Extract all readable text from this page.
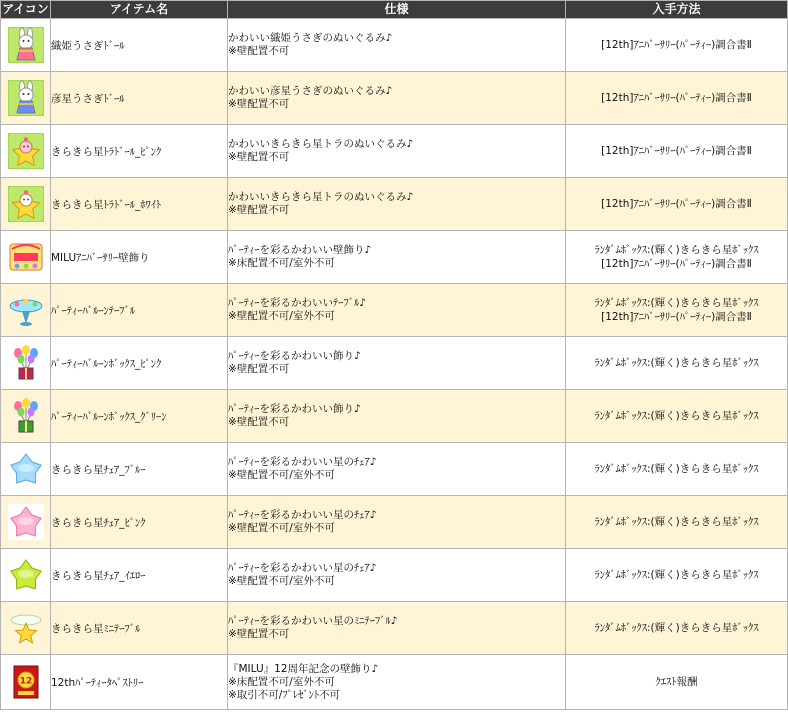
アイコン	アイテム名	仕様	入手方法
	織姫うさぎﾄﾞｰﾙ	かわいい織姫うさぎのぬいぐるみ♪
※壁配置不可	[12th]ｱﾆﾊﾞｰｻﾘｰ(ﾊﾟｰﾃｨｰ)調合書Ⅱ

	彦星うさぎﾄﾞｰﾙ	かわいい彦星うさぎのぬいぐるみ♪
※壁配置不可	[12th]ｱﾆﾊﾞｰｻﾘｰ(ﾊﾟｰﾃｨｰ)調合書Ⅱ

	きらきら星ﾄﾗﾄﾞｰﾙ_ﾋﾟﾝｸ	かわいいきらきら星トラのぬいぐるみ♪
※壁配置不可	[12th]ｱﾆﾊﾞｰｻﾘｰ(ﾊﾟｰﾃｨｰ)調合書Ⅱ

	きらきら星ﾄﾗﾄﾞｰﾙ_ﾎﾜｲﾄ	かわいいきらきら星トラのぬいぐるみ♪
※壁配置不可	[12th]ｱﾆﾊﾞｰｻﾘｰ(ﾊﾟｰﾃｨｰ)調合書Ⅱ

	MILUｱﾆﾊﾞｰｻﾘｰ壁飾り	ﾊﾟｰﾃｨｰを彩るかわいい壁飾り♪
※床配置不可/室外不可	ﾗﾝﾀﾞﾑﾎﾞｯｸｽ:(輝く)きらきら星ﾎﾞｯｸｽ
[12th]ｱﾆﾊﾞｰｻﾘｰ(ﾊﾟｰﾃｨｰ)調合書Ⅱ

	ﾊﾟｰﾃｨｰﾊﾞﾙｰﾝﾃｰﾌﾞﾙ	ﾊﾟｰﾃｨｰを彩るかわいいﾃｰﾌﾞﾙ♪
※壁配置不可/室外不可	ﾗﾝﾀﾞﾑﾎﾞｯｸｽ:(輝く)きらきら星ﾎﾞｯｸｽ
[12th]ｱﾆﾊﾞｰｻﾘｰ(ﾊﾟｰﾃｨｰ)調合書Ⅱ

	ﾊﾟｰﾃｨｰﾊﾞﾙｰﾝﾎﾞｯｸｽ_ﾋﾟﾝｸ	ﾊﾟｰﾃｨｰを彩るかわいい飾り♪
※壁配置不可	ﾗﾝﾀﾞﾑﾎﾞｯｸｽ:(輝く)きらきら星ﾎﾞｯｸｽ

	ﾊﾟｰﾃｨｰﾊﾞﾙｰﾝﾎﾞｯｸｽ_ｸﾞﾘｰﾝ	ﾊﾟｰﾃｨｰを彩るかわいい飾り♪
※壁配置不可	ﾗﾝﾀﾞﾑﾎﾞｯｸｽ:(輝く)きらきら星ﾎﾞｯｸｽ

	きらきら星ﾁｪｱ_ﾌﾞﾙｰ	ﾊﾟｰﾃｨｰを彩るかわいい星のﾁｪｱ♪
※壁配置不可/室外不可	ﾗﾝﾀﾞﾑﾎﾞｯｸｽ:(輝く)きらきら星ﾎﾞｯｸｽ

	きらきら星ﾁｪｱ_ﾋﾟﾝｸ	ﾊﾟｰﾃｨｰを彩るかわいい星のﾁｪｱ♪
※壁配置不可/室外不可	ﾗﾝﾀﾞﾑﾎﾞｯｸｽ:(輝く)きらきら星ﾎﾞｯｸｽ

	きらきら星ﾁｪｱ_ｲｴﾛｰ	ﾊﾟｰﾃｨｰを彩るかわいい星のﾁｪｱ♪
※壁配置不可/室外不可	ﾗﾝﾀﾞﾑﾎﾞｯｸｽ:(輝く)きらきら星ﾎﾞｯｸｽ

	きらきら星ﾐﾆﾃｰﾌﾞﾙ	ﾊﾟｰﾃｨｰを彩るかわいい星のﾐﾆﾃｰﾌﾞﾙ♪
※壁配置不可	ﾗﾝﾀﾞﾑﾎﾞｯｸｽ:(輝く)きらきら星ﾎﾞｯｸｽ

12	12thﾊﾟｰﾃｨｰﾀﾍﾟｽﾄﾘｰ	『MILU』12周年記念の壁飾り♪
※床配置不可/室外不可
※取引不可/ﾌﾟﾚｾﾞﾝﾄ不可	ｸｴｽﾄ報酬
